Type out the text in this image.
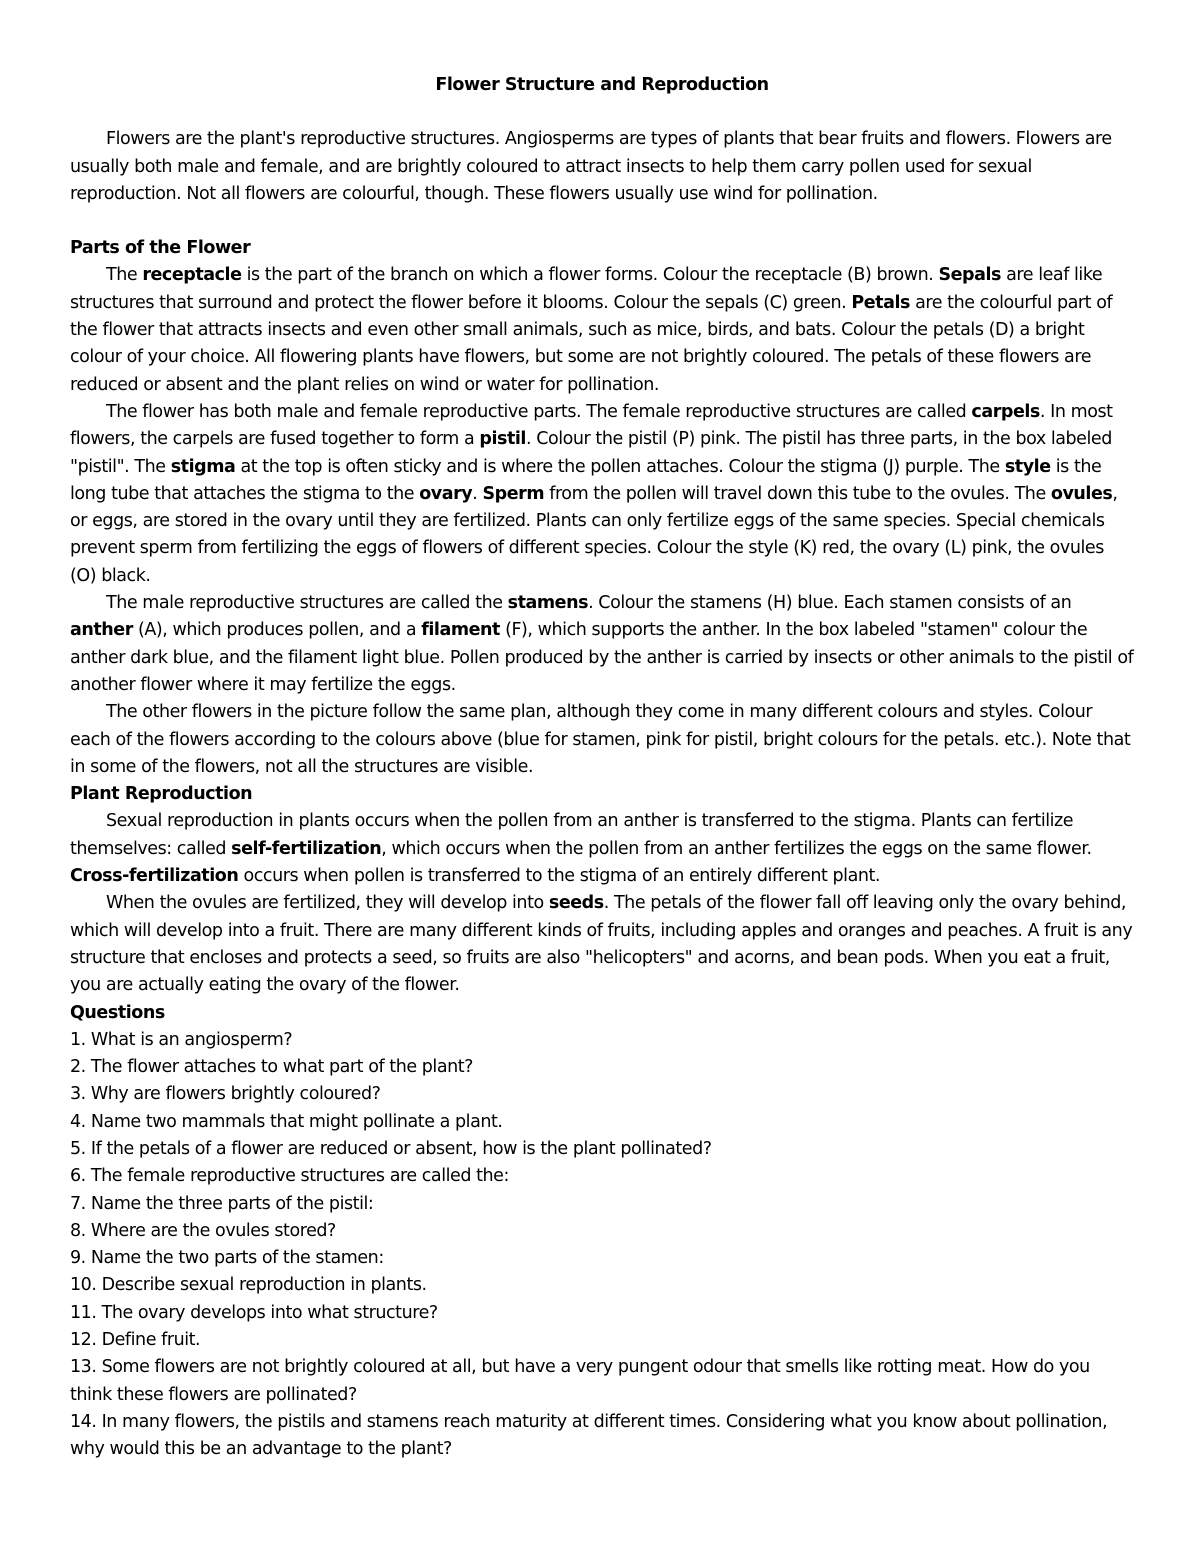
Flower Structure and Reproduction

Flowers are the plant's reproductive structures. Angiosperms are types of plants that bear fruits and flowers. Flowers are usually both male and female, and are brightly coloured to attract insects to help them carry pollen used for sexual reproduction. Not all flowers are colourful, though. These flowers usually use wind for pollination.

Parts of the Flower

The receptacle is the part of the branch on which a flower forms. Colour the receptacle (B) brown. Sepals are leaf like structures that surround and protect the flower before it blooms. Colour the sepals (C) green. Petals are the colourful part of the flower that attracts insects and even other small animals, such as mice, birds, and bats. Colour the petals (D) a bright colour of your choice. All flowering plants have flowers, but some are not brightly coloured. The petals of these flowers are reduced or absent and the plant relies on wind or water for pollination.

The flower has both male and female reproductive parts. The female reproductive structures are called carpels. In most flowers, the carpels are fused together to form a pistil. Colour the pistil (P) pink. The pistil has three parts, in the box labeled "pistil". The stigma at the top is often sticky and is where the pollen attaches. Colour the stigma (J) purple. The style is the long tube that attaches the stigma to the ovary. Sperm from the pollen will travel down this tube to the ovules. The ovules, or eggs, are stored in the ovary until they are fertilized. Plants can only fertilize eggs of the same species. Special chemicals prevent sperm from fertilizing the eggs of flowers of different species. Colour the style (K) red, the ovary (L) pink, the ovules (O) black.

The male reproductive structures are called the stamens. Colour the stamens (H) blue. Each stamen consists of an anther (A), which produces pollen, and a filament (F), which supports the anther. In the box labeled "stamen" colour the anther dark blue, and the filament light blue. Pollen produced by the anther is carried by insects or other animals to the pistil of another flower where it may fertilize the eggs.

The other flowers in the picture follow the same plan, although they come in many different colours and styles. Colour each of the flowers according to the colours above (blue for stamen, pink for pistil, bright colours for the petals. etc.). Note that in some of the flowers, not all the structures are visible.

Plant Reproduction

Sexual reproduction in plants occurs when the pollen from an anther is transferred to the stigma. Plants can fertilize themselves: called self-fertilization, which occurs when the pollen from an anther fertilizes the eggs on the same flower. Cross-fertilization occurs when pollen is transferred to the stigma of an entirely different plant.

When the ovules are fertilized, they will develop into seeds. The petals of the flower fall off leaving only the ovary behind, which will develop into a fruit. There are many different kinds of fruits, including apples and oranges and peaches. A fruit is any structure that encloses and protects a seed, so fruits are also "helicopters" and acorns, and bean pods. When you eat a fruit, you are actually eating the ovary of the flower.

Questions

1. What is an angiosperm?
2. The flower attaches to what part of the plant?
3. Why are flowers brightly coloured?
4. Name two mammals that might pollinate a plant.
5. If the petals of a flower are reduced or absent, how is the plant pollinated?
6. The female reproductive structures are called the:
7. Name the three parts of the pistil:
8. Where are the ovules stored?
9. Name the two parts of the stamen:
10. Describe sexual reproduction in plants.
11. The ovary develops into what structure?
12. Define fruit.
13. Some flowers are not brightly coloured at all, but have a very pungent odour that smells like rotting meat. How do you think these flowers are pollinated?
14. In many flowers, the pistils and stamens reach maturity at different times. Considering what you know about pollination, why would this be an advantage to the plant?
